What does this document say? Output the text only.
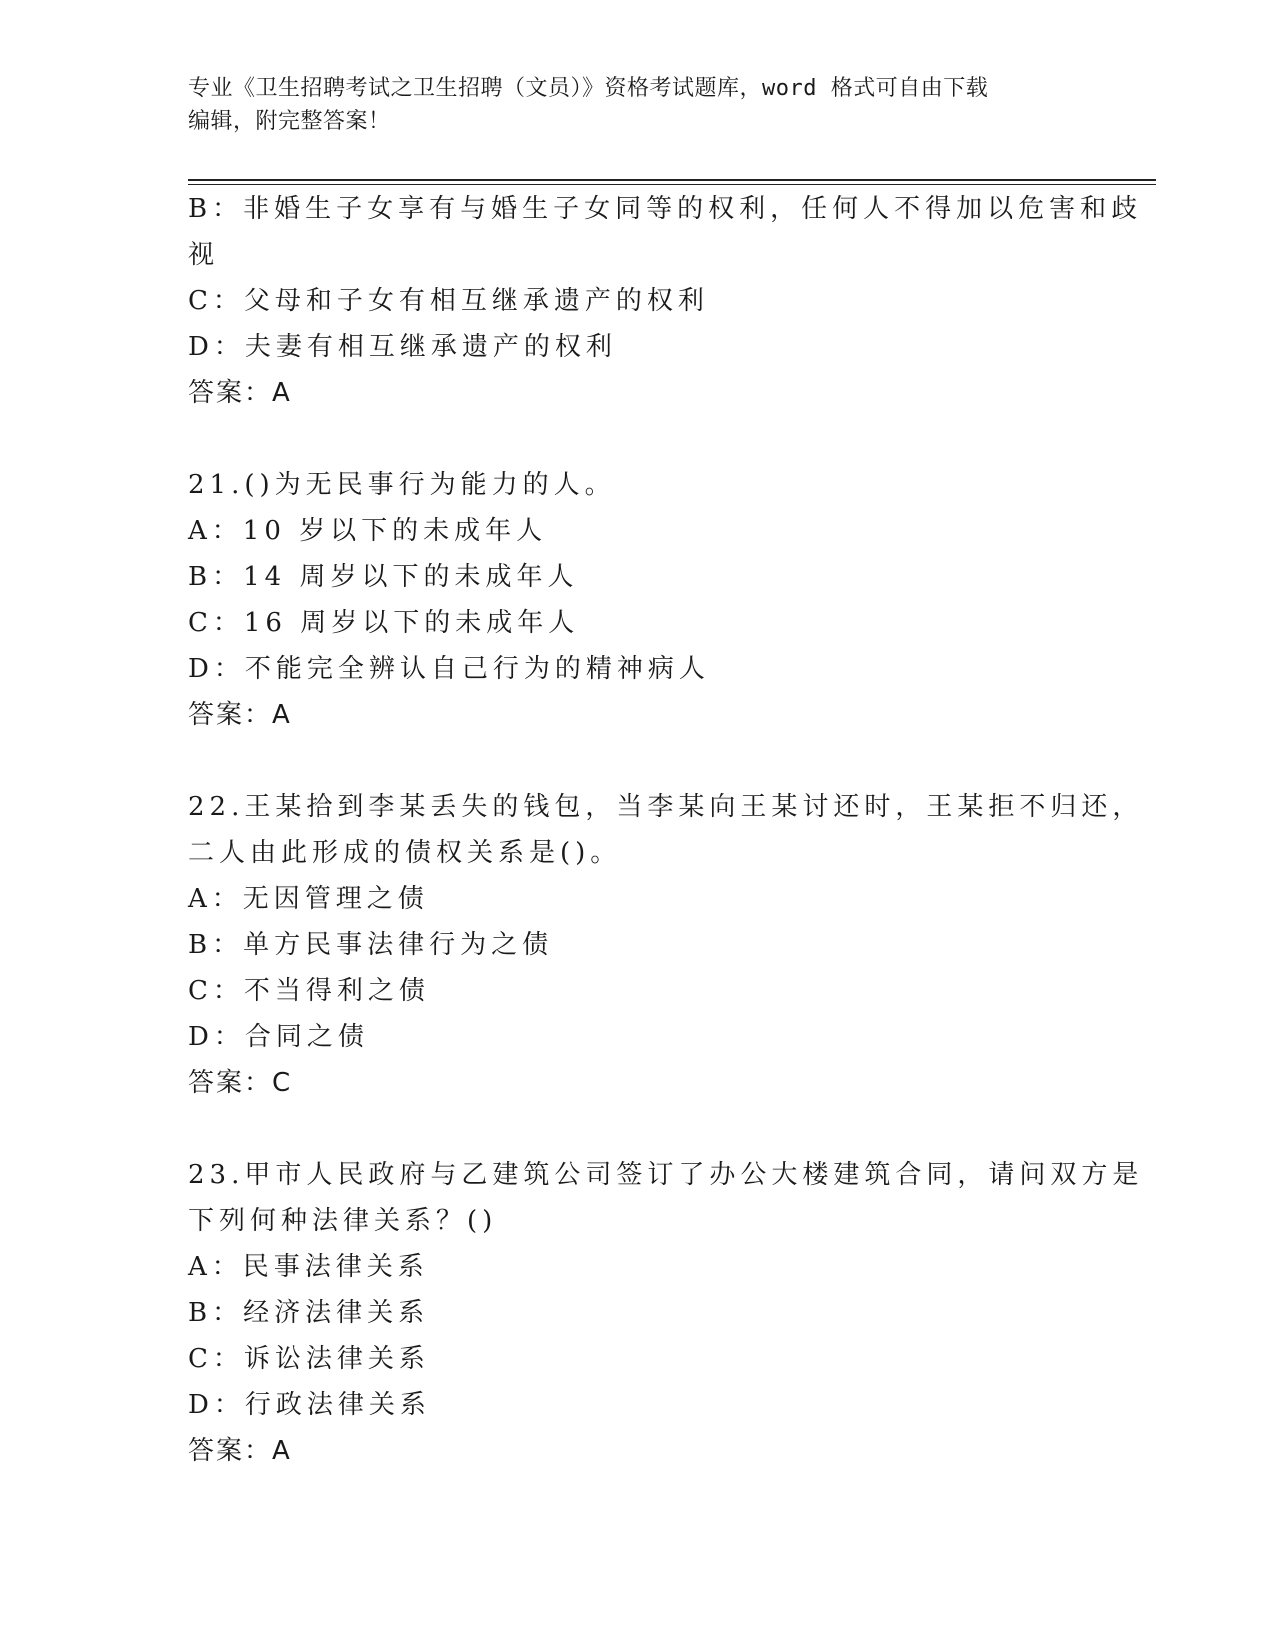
专业《卫生招聘考试之卫生招聘（文员）》资格考试题库，word 格式可自由下载
编辑，附完整答案！
B：非婚生子女享有与婚生子女同等的权利，任何人不得加以危害和歧
视
C：父母和子女有相互继承遗产的权利
D：夫妻有相互继承遗产的权利
答案：A
21.()为无民事行为能力的人。
A：10 岁以下的未成年人
B：14 周岁以下的未成年人
C：16 周岁以下的未成年人
D：不能完全辨认自己行为的精神病人
答案：A
22.王某拾到李某丢失的钱包，当李某向王某讨还时，王某拒不归还，
二人由此形成的债权关系是()。
A：无因管理之债
B：单方民事法律行为之债
C：不当得利之债
D：合同之债
答案：C
23.甲市人民政府与乙建筑公司签订了办公大楼建筑合同，请问双方是
下列何种法律关系？()
A：民事法律关系
B：经济法律关系
C：诉讼法律关系
D：行政法律关系
答案：A
